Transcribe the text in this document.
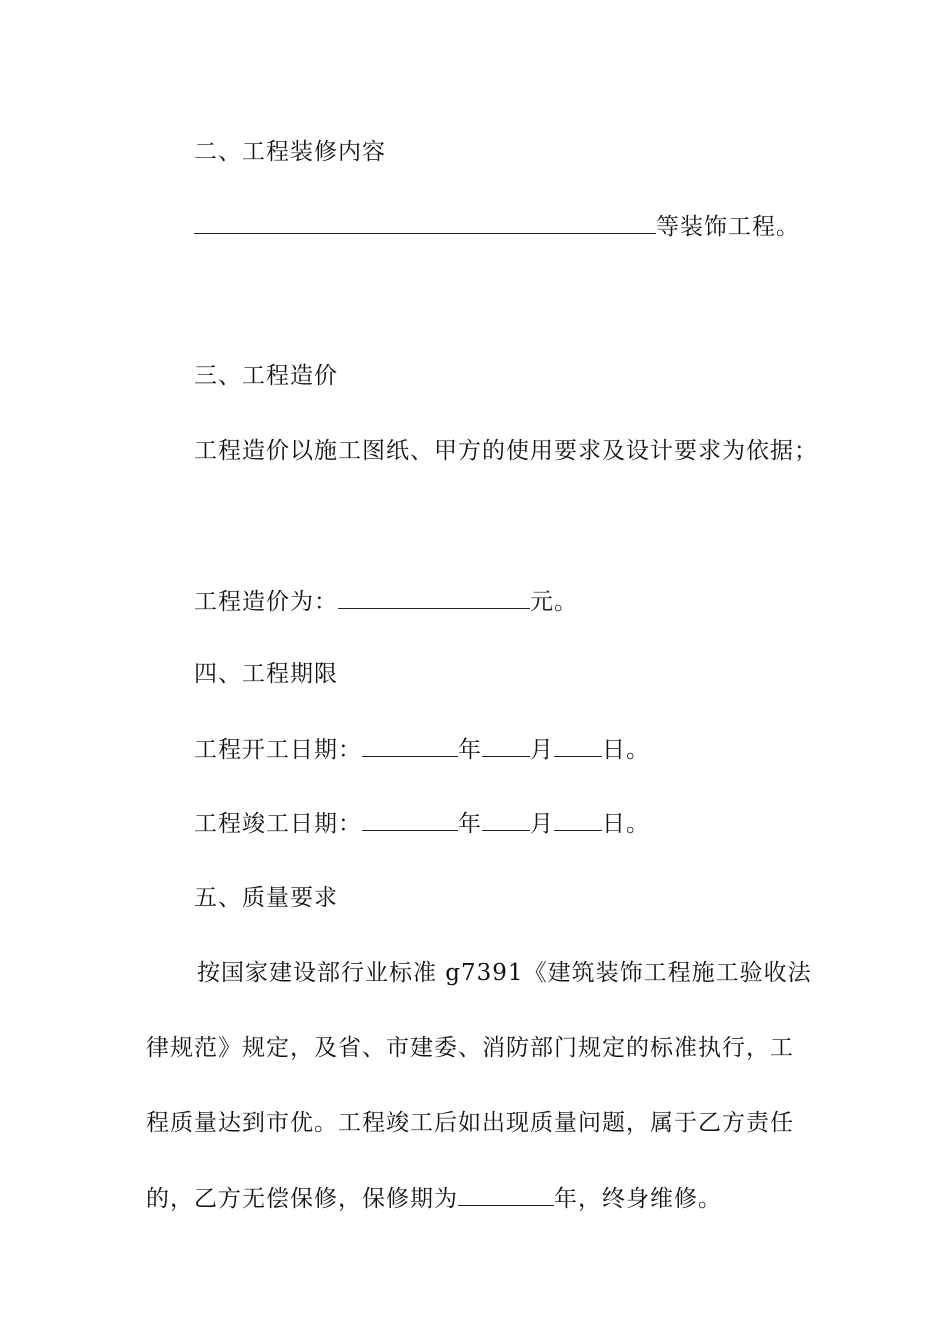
二、工程装修内容
等装饰工程。
三、工程造价
工程造价以施工图纸、甲方的使用要求及设计要求为依据；
工程造价为：	元。
四、工程期限
工程开工日期：	年 月 日。
工程竣工日期：	年 月 日。
五、质量要求
按国家建设部行业标准 g7391《建筑装饰工程施工验收法
律规范》规定，及省、市建委、消防部门规定的标准执行，工
程质量达到市优。工程竣工后如出现质量问题，属于乙方责任
的，乙方无偿保修，保修期为	年，终身维修。
